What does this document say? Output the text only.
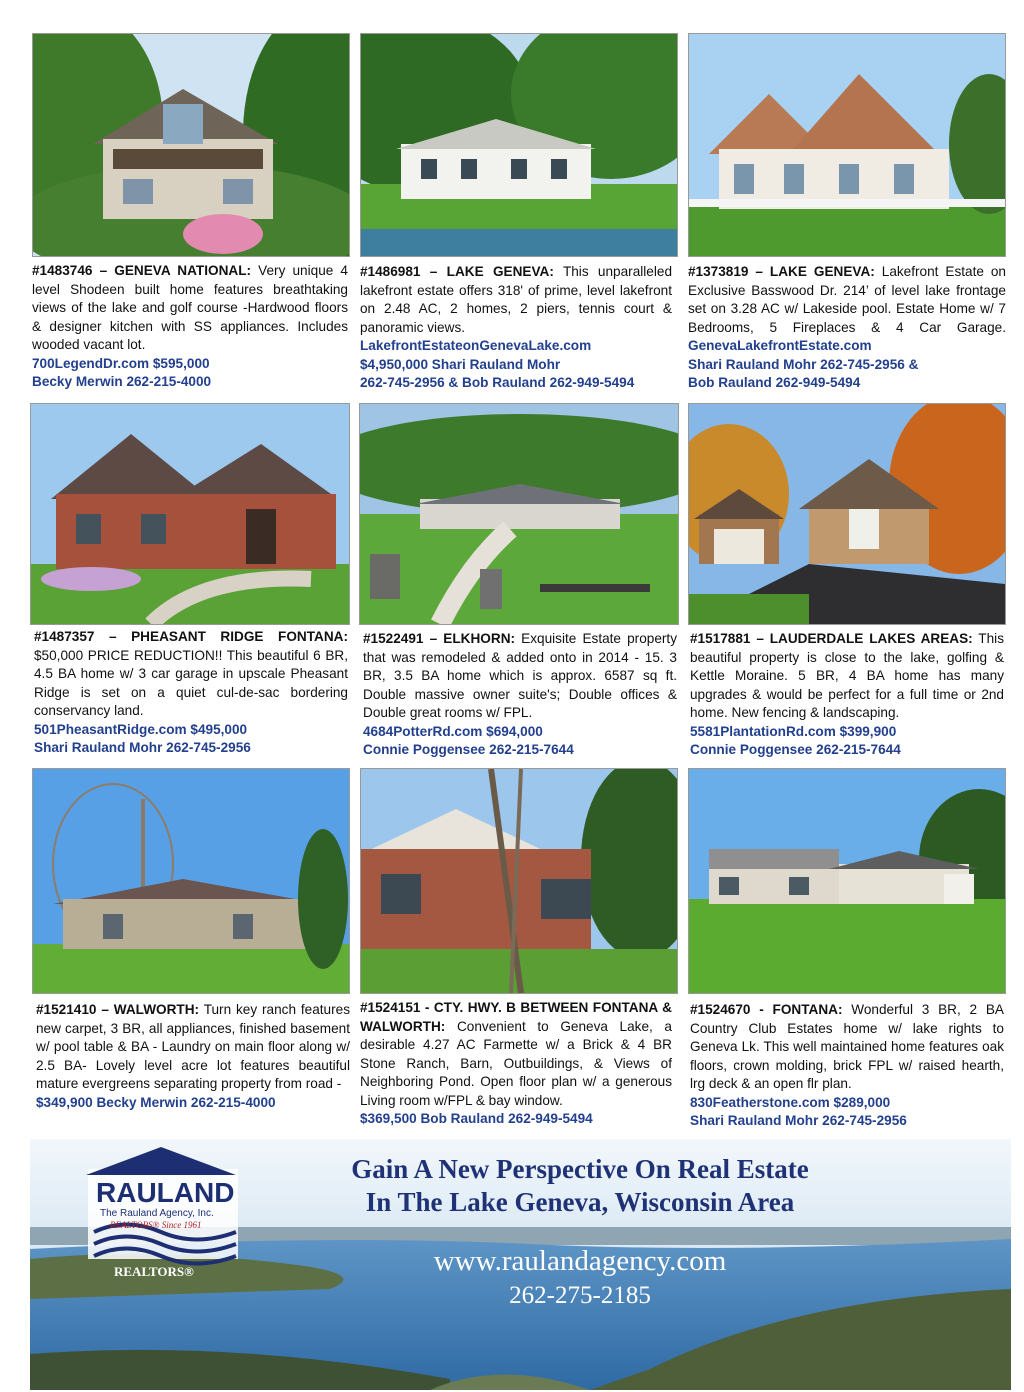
#1483746 – GENEVA NATIONAL: Very unique 4 level Shodeen built home features breathtaking views of the lake and golf course -Hardwood floors & designer kitchen with SS appliances. Includes wooded vacant lot.
700LegendDr.com $595,000
Becky Merwin 262-215-4000
#1486981 – LAKE GENEVA: This unparalleled lakefront estate offers 318' of prime, level lakefront on 2.48 AC, 2 homes, 2 piers, tennis court & panoramic views.
LakefrontEstateonGenevaLake.com
$4,950,000 Shari Rauland Mohr
262-745-2956 & Bob Rauland 262-949-5494
#1373819 – LAKE GENEVA: Lakefront Estate on Exclusive Basswood Dr. 214’ of level lake frontage set on 3.28 AC w/ Lakeside pool. Estate Home w/ 7 Bedrooms, 5 Fireplaces & 4 Car Garage. GenevaLakefrontEstate.com
Shari Rauland Mohr 262-745-2956 &
Bob Rauland 262-949-5494
#1487357 – PHEASANT RIDGE FONTANA: $50,000 PRICE REDUCTION!! This beautiful 6 BR, 4.5 BA home w/ 3 car garage in upscale Pheasant Ridge is set on a quiet cul-de-sac bordering conservancy land.
501PheasantRidge.com $495,000
Shari Rauland Mohr 262-745-2956
#1522491 – ELKHORN: Exquisite Estate property that was remodeled & added onto in 2014 - 15. 3 BR, 3.5 BA home which is approx. 6587 sq ft. Double massive owner suite's; Double offices & Double great rooms w/ FPL.
4684PotterRd.com $694,000
Connie Poggensee 262-215-7644
#1517881 – LAUDERDALE LAKES AREAS: This beautiful property is close to the lake, golfing & Kettle Moraine. 5 BR, 4 BA home has many upgrades & would be perfect for a full time or 2nd home. New fencing & landscaping.
5581PlantationRd.com $399,900
Connie Poggensee 262-215-7644
#1521410 – WALWORTH: Turn key ranch features new carpet, 3 BR, all appliances, finished basement w/ pool table & BA - Laundry on main floor along w/ 2.5 BA- Lovely level acre lot features beautiful mature evergreens separating property from road -
$349,900 Becky Merwin 262-215-4000
#1524151 - CTY. HWY. B BETWEEN FONTANA & WALWORTH: Convenient to Geneva Lake, a desirable 4.27 AC Farmette w/ a Brick & 4 BR Stone Ranch, Barn, Outbuildings, & Views of Neighboring Pond. Open floor plan w/ a generous Living room w/FPL & bay window.
$369,500 Bob Rauland 262-949-5494
#1524670 - FONTANA: Wonderful 3 BR, 2 BA Country Club Estates home w/ lake rights to Geneva Lk. This well maintained home features oak floors, crown molding, brick FPL w/ raised hearth, lrg deck & an open flr plan.
830Featherstone.com $289,000
Shari Rauland Mohr 262-745-2956
RAULAND
The Rauland Agency, Inc.
REALTORS® Since 1961
REALTORS®
Gain A New Perspective On Real Estate
In The Lake Geneva, Wisconsin Area
www.raulandagency.com
262-275-2185
